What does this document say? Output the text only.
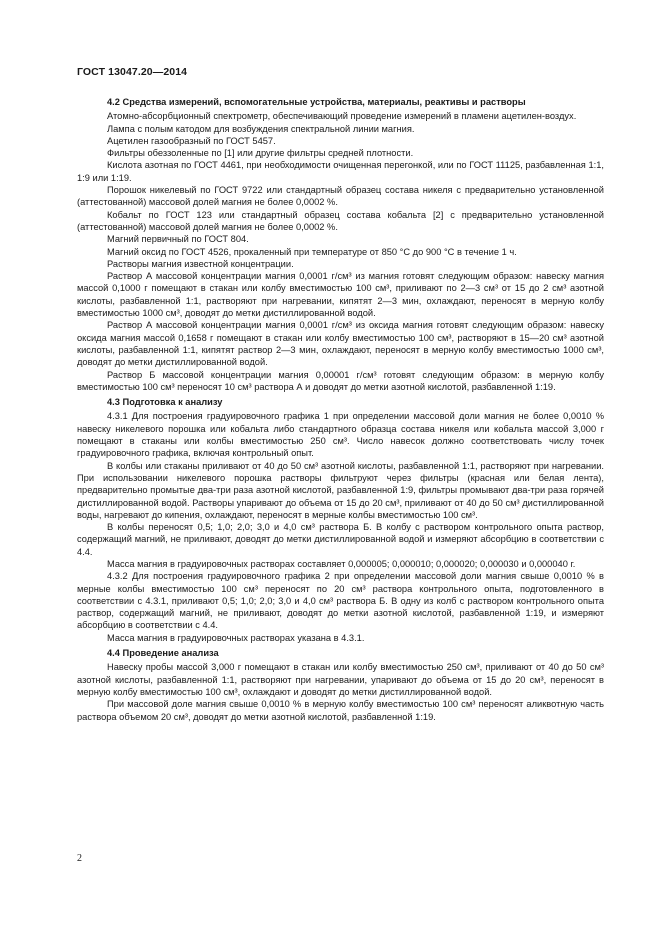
ГОСТ 13047.20—2014

4.2 Средства измерений, вспомогательные устройства, материалы, реактивы и растворы

Атомно-абсорбционный спектрометр, обеспечивающий проведение измерений в пламени ацетилен-воздух.

Лампа с полым катодом для возбуждения спектральной линии магния.

Ацетилен газообразный по ГОСТ 5457.

Фильтры обеззоленные по [1] или другие фильтры средней плотности.

Кислота азотная по ГОСТ 4461, при необходимости очищенная перегонкой, или по ГОСТ 11125, разбавленная 1:1, 1:9 или 1:19.

Порошок никелевый по ГОСТ 9722 или стандартный образец состава никеля с предварительно установленной (аттестованной) массовой долей магния не более 0,0002 %.

Кобальт по ГОСТ 123 или стандартный образец состава кобальта [2] с предварительно установленной (аттестованной) массовой долей магния не более 0,0002 %.

Магний первичный по ГОСТ 804.

Магний оксид по ГОСТ 4526, прокаленный при температуре от 850 °С до 900 °С в течение 1 ч.

Растворы магния известной концентрации.

Раствор А массовой концентрации магния 0,0001 г/см³ из магния готовят следующим образом: навеску магния массой 0,1000 г помещают в стакан или колбу вместимостью 100 см³, приливают по 2—3 см³ от 15 до 2 см³ азотной кислоты, разбавленной 1:1, растворяют при нагревании, кипятят 2—3 мин, охлаждают, переносят в мерную колбу вместимостью 1000 см³, доводят до метки дистиллированной водой.

Раствор А массовой концентрации магния 0,0001 г/см³ из оксида магния готовят следующим образом: навеску оксида магния массой 0,1658 г помещают в стакан или колбу вместимостью 100 см³, растворяют в 15—20 см³ азотной кислоты, разбавленной 1:1, кипятят раствор 2—3 мин, охлаждают, переносят в мерную колбу вместимостью 1000 см³, доводят до метки дистиллированной водой.

Раствор Б массовой концентрации магния 0,00001 г/см³ готовят следующим образом: в мерную колбу вместимостью 100 см³ переносят 10 см³ раствора А и доводят до метки азотной кислотой, разбавленной 1:19.

4.3 Подготовка к анализу

4.3.1 Для построения градуировочного графика 1 при определении массовой доли магния не более 0,0010 % навеску никелевого порошка или кобальта либо стандартного образца состава никеля или кобальта массой 3,000 г помещают в стаканы или колбы вместимостью 250 см³. Число навесок должно соответствовать числу точек градуировочного графика, включая контрольный опыт.

В колбы или стаканы приливают от 40 до 50 см³ азотной кислоты, разбавленной 1:1, растворяют при нагревании. При использовании никелевого порошка растворы фильтруют через фильтры (красная или белая лента), предварительно промытые два-три раза азотной кислотой, разбавленной 1:9, фильтры промывают два-три раза горячей дистиллированной водой. Растворы упаривают до объема от 15 до 20 см³, приливают от 40 до 50 см³ дистиллированной воды, нагревают до кипения, охлаждают, переносят в мерные колбы вместимостью 100 см³.

В колбы переносят 0,5; 1,0; 2,0; 3,0 и 4,0 см³ раствора Б. В колбу с раствором контрольного опыта раствор, содержащий магний, не приливают, доводят до метки дистиллированной водой и измеряют абсорбцию в соответствии с 4.4.

Масса магния в градуировочных растворах составляет 0,000005; 0,000010; 0,000020; 0,000030 и 0,000040 г.

4.3.2 Для построения градуировочного графика 2 при определении массовой доли магния свыше 0,0010 % в мерные колбы вместимостью 100 см³ переносят по 20 см³ раствора контрольного опыта, подготовленного в соответствии с 4.3.1, приливают 0,5; 1,0; 2,0; 3,0 и 4,0 см³ раствора Б. В одну из колб с раствором контрольного опыта раствор, содержащий магний, не приливают, доводят до метки азотной кислотой, разбавленной 1:19, и измеряют абсорбцию в соответствии с 4.4.

Масса магния в градуировочных растворах указана в 4.3.1.

4.4 Проведение анализа

Навеску пробы массой 3,000 г помещают в стакан или колбу вместимостью 250 см³, приливают от 40 до 50 см³ азотной кислоты, разбавленной 1:1, растворяют при нагревании, упаривают до объема от 15 до 20 см³, переносят в мерную колбу вместимостью 100 см³, охлаждают и доводят до метки дистиллированной водой.

При массовой доле магния свыше 0,0010 % в мерную колбу вместимостью 100 см³ переносят аликвотную часть раствора объемом 20 см³, доводят до метки азотной кислотой, разбавленной 1:19.

2
